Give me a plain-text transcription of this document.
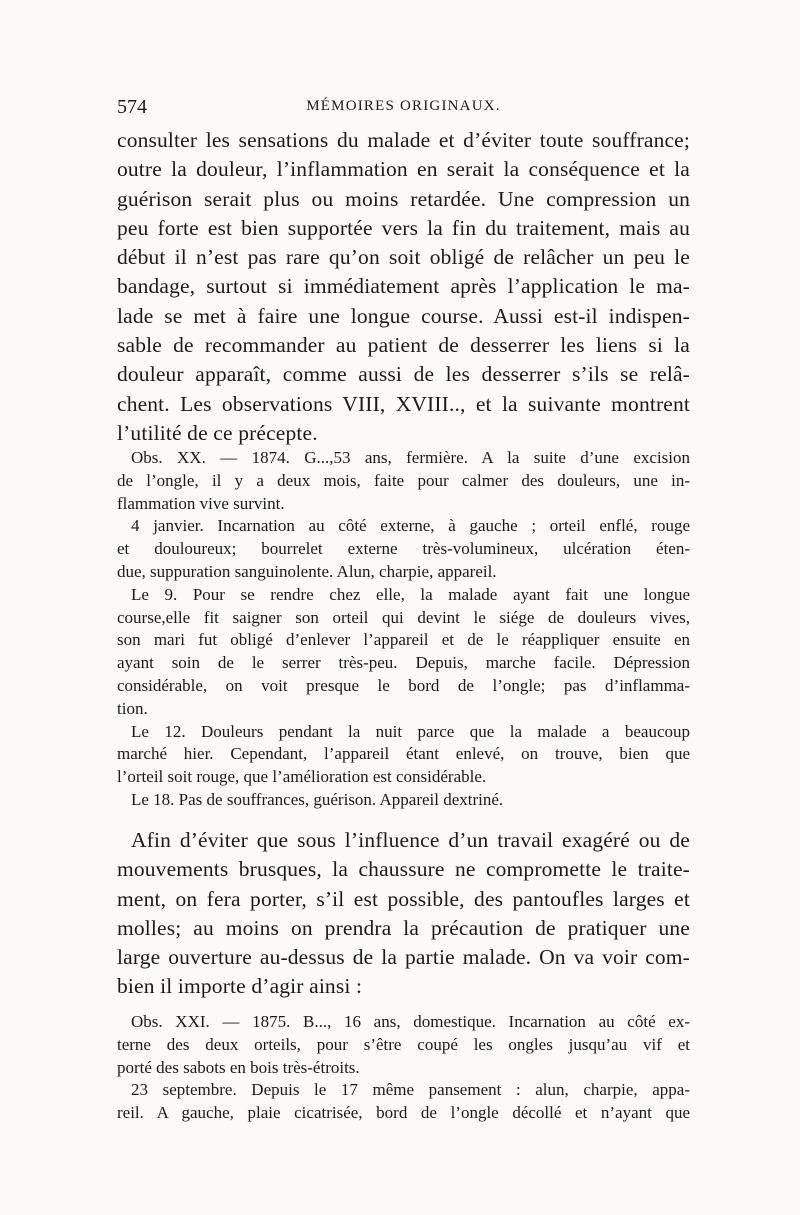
574	MÉMOIRES ORIGINAUX.
consulter les sensations du malade et d’éviter toute souffrance;
outre la douleur, l’inflammation en serait la conséquence et la
guérison serait plus ou moins retardée. Une compression un
peu forte est bien supportée vers la fin du traitement, mais au
début il n’est pas rare qu’on soit obligé de relâcher un peu le
bandage, surtout si immédiatement après l’application le ma-
lade se met à faire une longue course. Aussi est-il indispen-
sable de recommander au patient de desserrer les liens si la
douleur apparaît, comme aussi de les desserrer s’ils se relâ-
chent. Les observations VIII, XVIII.., et la suivante montrent
l’utilité de ce précepte.
Obs. XX. — 1874. G...,53 ans, fermière. A la suite d’une excision
de l’ongle, il y a deux mois, faite pour calmer des douleurs, une in-
flammation vive survint.
4 janvier. Incarnation au côté externe, à gauche ; orteil enflé, rouge
et douloureux; bourrelet externe très-volumineux, ulcération éten-
due, suppuration sanguinolente. Alun, charpie, appareil.
Le 9. Pour se rendre chez elle, la malade ayant fait une longue
course,elle fit saigner son orteil qui devint le siége de douleurs vives,
son mari fut obligé d’enlever l’appareil et de le réappliquer ensuite en
ayant soin de le serrer très-peu. Depuis, marche facile. Dépression
considérable, on voit presque le bord de l’ongle; pas d’inflamma-
tion.
Le 12. Douleurs pendant la nuit parce que la malade a beaucoup
marché hier. Cependant, l’appareil étant enlevé, on trouve, bien que
l’orteil soit rouge, que l’amélioration est considérable.
Le 18. Pas de souffrances, guérison. Appareil dextriné.
Afin d’éviter que sous l’influence d’un travail exagéré ou de
mouvements brusques, la chaussure ne compromette le traite-
ment, on fera porter, s’il est possible, des pantoufles larges et
molles; au moins on prendra la précaution de pratiquer une
large ouverture au-dessus de la partie malade. On va voir com-
bien il importe d’agir ainsi :
Obs. XXI. — 1875. B..., 16 ans, domestique. Incarnation au côté ex-
terne des deux orteils, pour s’être coupé les ongles jusqu’au vif et
porté des sabots en bois très-étroits.
23 septembre. Depuis le 17 même pansement : alun, charpie, appa-
reil. A gauche, plaie cicatrisée, bord de l’ongle décollé et n’ayant que
